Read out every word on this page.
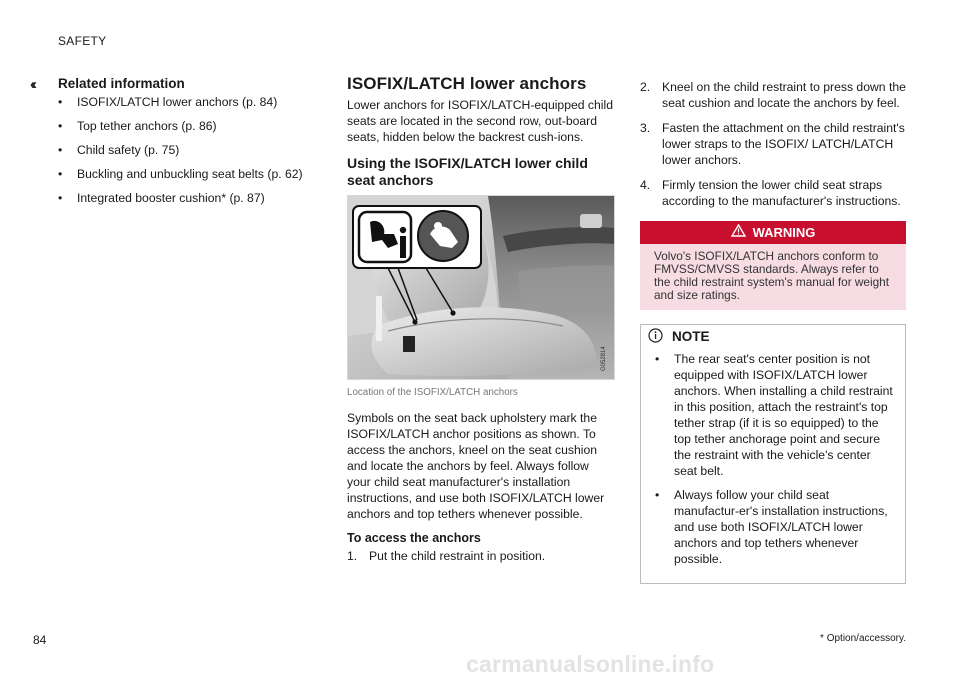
SAFETY
‹‹ Related information
• ISOFIX/LATCH lower anchors (p. 84)
• Top tether anchors (p. 86)
• Child safety (p. 75)
• Buckling and unbuckling seat belts (p. 62)
• Integrated booster cushion* (p. 87)
ISOFIX/LATCH lower anchors

Lower anchors for ISOFIX/LATCH-equipped child seats are located in the second row, out-board seats, hidden below the backrest cush-ions.

Using the ISOFIX/LATCH lower child seat anchors
G052814
Location of the ISOFIX/LATCH anchors

Symbols on the seat back upholstery mark the ISOFIX/LATCH anchor positions as shown. To access the anchors, kneel on the seat cushion and locate the anchors by feel. Always follow your child seat manufacturer's installation instructions, and use both ISOFIX/LATCH lower anchors and top tethers whenever possible.

To access the anchors
1. Put the child restraint in position.
2. Kneel on the child restraint to press down the seat cushion and locate the anchors by feel.
3. Fasten the attachment on the child restraint's lower straps to the ISOFIX/ LATCH/LATCH lower anchors.
4. Firmly tension the lower child seat straps according to the manufacturer's instructions.
WARNING
Volvo's ISOFIX/LATCH anchors conform to FMVSS/CMVSS standards. Always refer to the child restraint system's manual for weight and size ratings.
NOTE
• The rear seat's center position is not equipped with ISOFIX/LATCH lower anchors. When installing a child restraint in this position, attach the restraint's top tether strap (if it is so equipped) to the top tether anchorage point and secure the restraint with the vehicle's center seat belt.
• Always follow your child seat manufactur-er's installation instructions, and use both ISOFIX/LATCH lower anchors and top tethers whenever possible.
84	* Option/accessory.
carmanualsonline.info
